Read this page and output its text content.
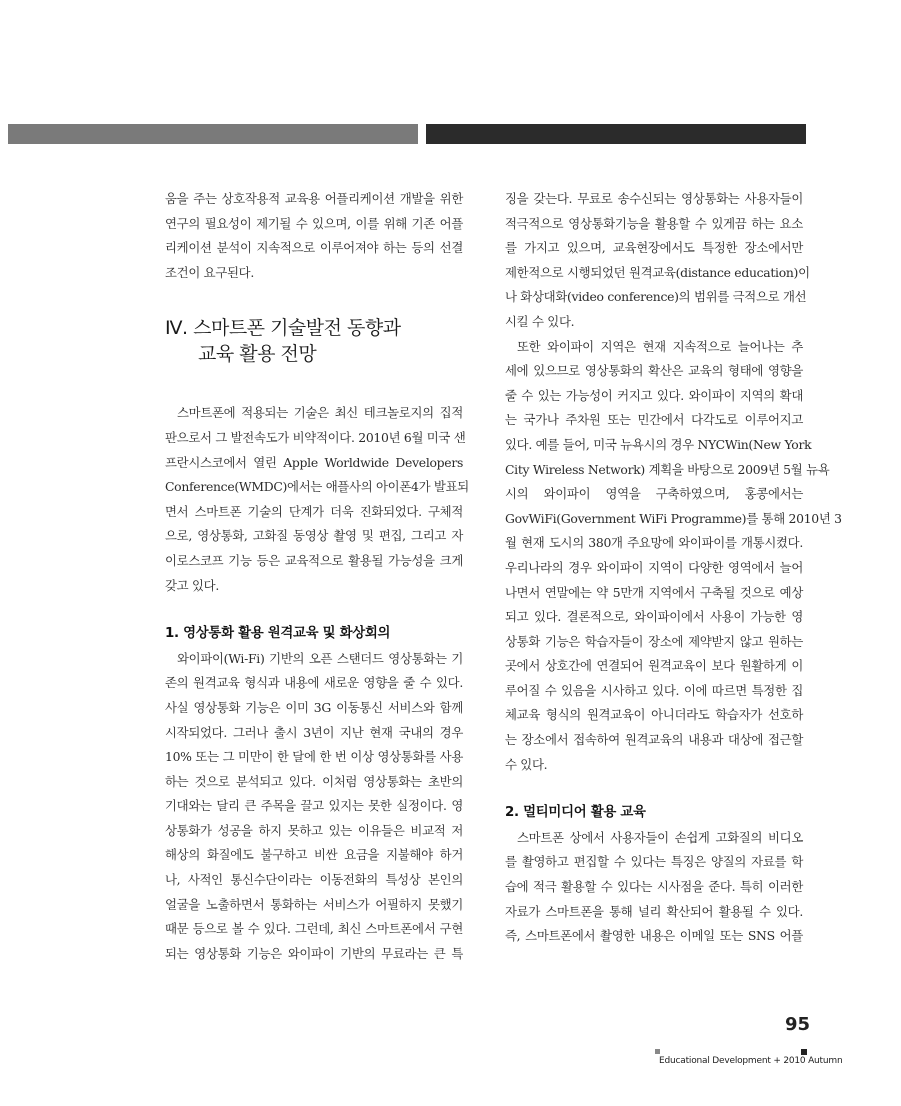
움을 주는 상호작용적 교육용 어플리케이션 개발을 위한

연구의 필요성이 제기될 수 있으며, 이를 위해 기존 어플

리케이션 분석이 지속적으로 이루어져야 하는 등의 선결

조건이 요구된다.

Ⅳ. 스마트폰 기술발전 동향과
교육 활용 전망

스마트폰에 적용되는 기술은 최신 테크놀로지의 집적

판으로서 그 발전속도가 비약적이다. 2010년 6월 미국 샌

프란시스코에서 열린 Apple Worldwide Developers

Conference(WMDC)에서는 애플사의 아이폰4가 발표되

면서 스마트폰 기술의 단계가 더욱 진화되었다. 구체적

으로, 영상통화, 고화질 동영상 촬영 및 편집, 그리고 자

이로스코프 기능 등은 교육적으로 활용될 가능성을 크게

갖고 있다.

1. 영상통화 활용 원격교육 및 화상회의

와이파이(Wi-Fi) 기반의 오픈 스탠더드 영상통화는 기

존의 원격교육 형식과 내용에 새로운 영향을 줄 수 있다.

사실 영상통화 기능은 이미 3G 이동통신 서비스와 함께

시작되었다. 그러나 출시 3년이 지난 현재 국내의 경우

10% 또는 그 미만이 한 달에 한 번 이상 영상통화를 사용

하는 것으로 분석되고 있다. 이처럼 영상통화는 초반의

기대와는 달리 큰 주목을 끌고 있지는 못한 실정이다. 영

상통화가 성공을 하지 못하고 있는 이유들은 비교적 저

해상의 화질에도 불구하고 비싼 요금을 지불해야 하거

나, 사적인 통신수단이라는 이동전화의 특성상 본인의

얼굴을 노출하면서 통화하는 서비스가 어필하지 못했기

때문 등으로 볼 수 있다. 그런데, 최신 스마트폰에서 구현

되는 영상통화 기능은 와이파이 기반의 무료라는 큰 특

징을 갖는다. 무료로 송수신되는 영상통화는 사용자들이

적극적으로 영상통화기능을 활용할 수 있게끔 하는 요소

를 가지고 있으며, 교육현장에서도 특정한 장소에서만

제한적으로 시행되었던 원격교육(distance education)이

나 화상대화(video conference)의 범위를 극적으로 개선

시킬 수 있다.

또한 와이파이 지역은 현재 지속적으로 늘어나는 추

세에 있으므로 영상통화의 확산은 교육의 형태에 영향을

줄 수 있는 가능성이 커지고 있다. 와이파이 지역의 확대

는 국가나 주차원 또는 민간에서 다각도로 이루어지고

있다. 예를 들어, 미국 뉴욕시의 경우 NYCWin(New York

City Wireless Network) 계획을 바탕으로 2009년 5월 뉴욕

시의 와이파이 영역을 구축하였으며, 홍콩에서는

GovWiFi(Government WiFi Programme)를 통해 2010년 3

월 현재 도시의 380개 주요망에 와이파이를 개통시켰다.

우리나라의 경우 와이파이 지역이 다양한 영역에서 늘어

나면서 연말에는 약 5만개 지역에서 구축될 것으로 예상

되고 있다. 결론적으로, 와이파이에서 사용이 가능한 영

상통화 기능은 학습자들이 장소에 제약받지 않고 원하는

곳에서 상호간에 연결되어 원격교육이 보다 원활하게 이

루어질 수 있음을 시사하고 있다. 이에 따르면 특정한 집

체교육 형식의 원격교육이 아니더라도 학습자가 선호하

는 장소에서 접속하여 원격교육의 내용과 대상에 접근할

수 있다.

2. 멀티미디어 활용 교육

스마트폰 상에서 사용자들이 손쉽게 고화질의 비디오

를 촬영하고 편집할 수 있다는 특징은 양질의 자료를 학

습에 적극 활용할 수 있다는 시사점을 준다. 특히 이러한

자료가 스마트폰을 통해 널리 확산되어 활용될 수 있다.

즉, 스마트폰에서 촬영한 내용은 이메일 또는 SNS 어플

95
Educational Development + 2010 Autumn
